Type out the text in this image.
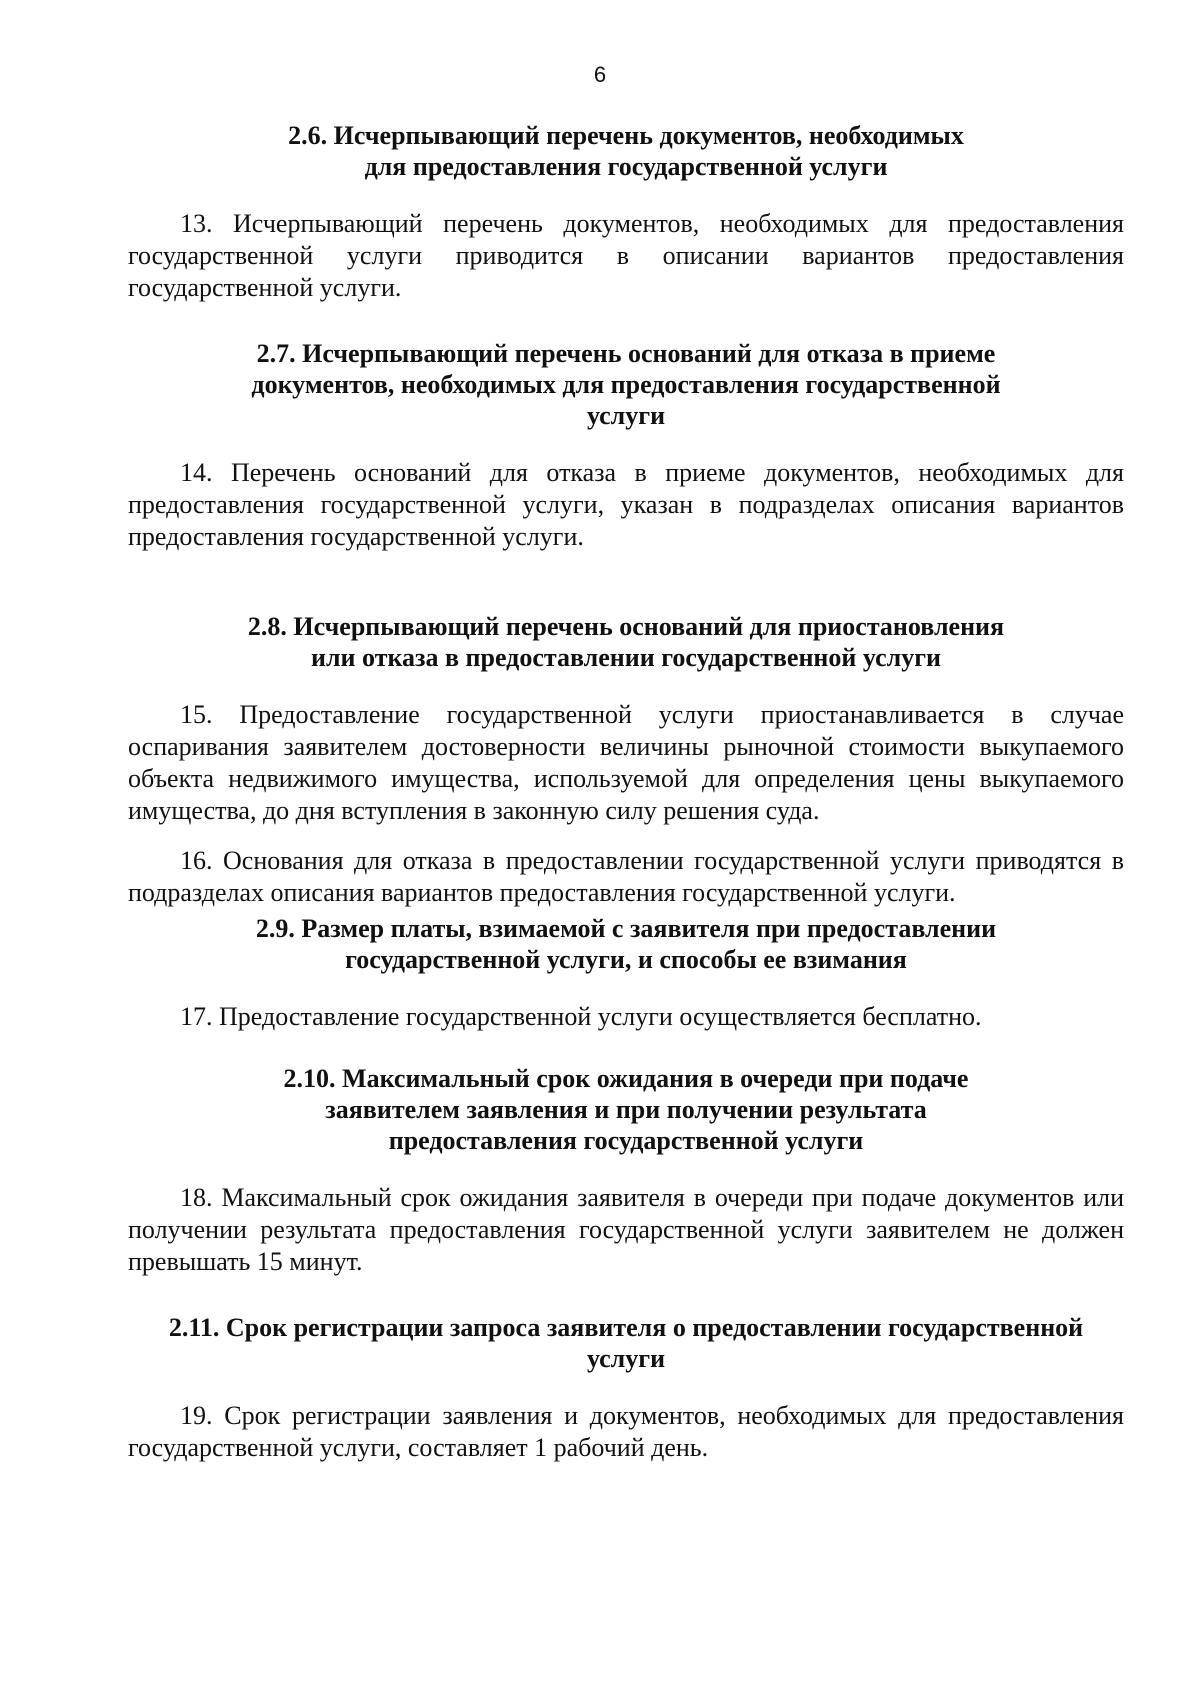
6
2.6. Исчерпывающий перечень документов, необходимых
для предоставления государственной услуги

13. Исчерпывающий перечень документов, необходимых для предоставления государственной услуги приводится в описании вариантов предоставления государственной услуги.

2.7. Исчерпывающий перечень оснований для отказа в приеме
документов, необходимых для предоставления государственной
услуги

14. Перечень оснований для отказа в приеме документов, необходимых для предоставления государственной услуги, указан в подразделах описания вариантов предоставления государственной услуги.

2.8. Исчерпывающий перечень оснований для приостановления
или отказа в предоставлении государственной услуги

15. Предоставление государственной услуги приостанавливается в случае оспаривания заявителем достоверности величины рыночной стоимости выкупаемого объекта недвижимого имущества, используемой для определения цены выкупаемого имущества, до дня вступления в законную силу решения суда.

16. Основания для отказа в предоставлении государственной услуги приводятся в подразделах описания вариантов предоставления государственной услуги.

2.9. Размер платы, взимаемой с заявителя при предоставлении
государственной услуги, и способы ее взимания

17. Предоставление государственной услуги осуществляется бесплатно.

2.10. Максимальный срок ожидания в очереди при подаче
заявителем заявления и при получении результата
предоставления государственной услуги

18. Максимальный срок ожидания заявителя в очереди при подаче документов или получении результата предоставления государственной услуги заявителем не должен превышать 15 минут.

2.11. Срок регистрации запроса заявителя о предоставлении государственной
услуги

19. Срок регистрации заявления и документов, необходимых для предоставления государственной услуги, составляет 1 рабочий день.
